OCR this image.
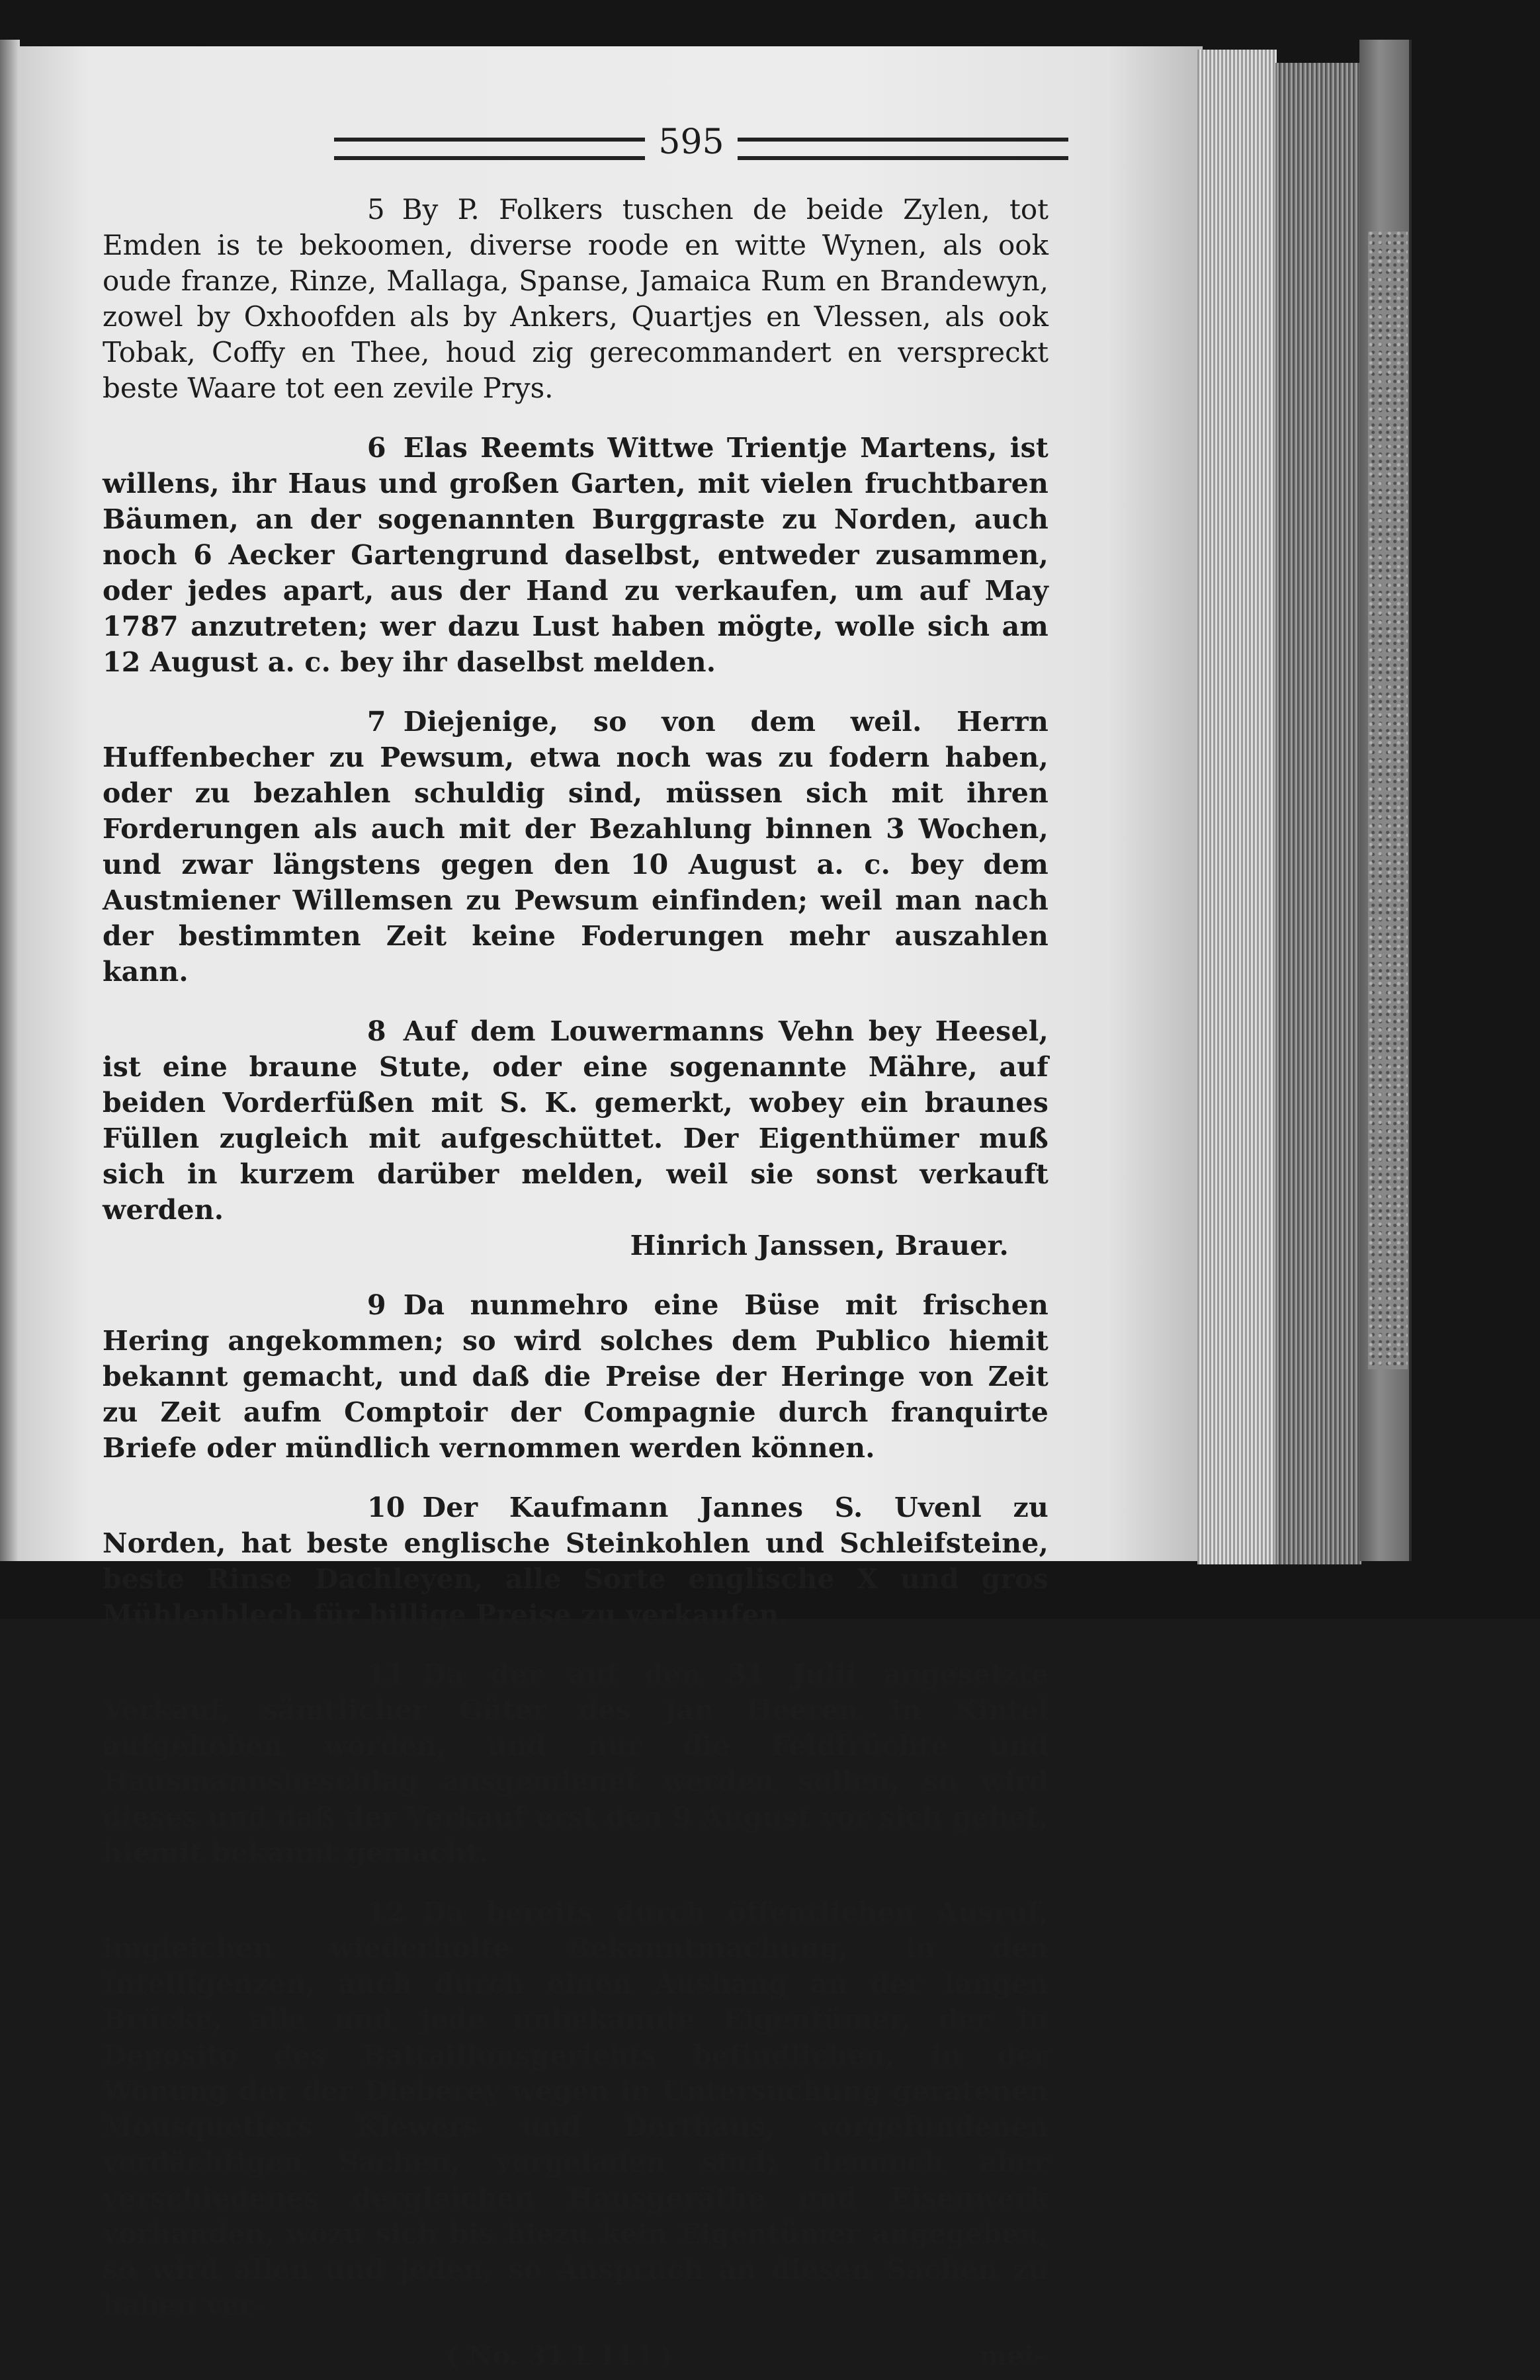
595

5 By P. Folkers tuschen de beide Zylen, tot Emden is te bekoomen, diverse roode en witte Wynen, als ook oude franze, Rinze, Mallaga, Spanse, Jamaica Rum en Brandewyn, zowel by Oxhoofden als by Ankers, Quartjes en Vlessen, als ook Tobak, Coffy en Thee, houd zig gerecommandert en verspreckt beste Waare tot een zevile Prys.

6 Elas Reemts Wittwe Trientje Martens, ist willens, ihr Haus und großen Garten, mit vielen fruchtbaren Bäumen, an der sogenannten Burggraste zu Norden, auch noch 6 Aecker Gartengrund daselbst, entweder zusammen, oder jedes apart, aus der Hand zu verkaufen, um auf May 1787 anzutreten; wer dazu Lust haben mögte, wolle sich am 12 August a. c. bey ihr daselbst melden.

7 Diejenige, so von dem weil. Herrn Huffenbecher zu Pewsum, etwa noch was zu fodern haben, oder zu bezahlen schuldig sind, müssen sich mit ihren Forderungen als auch mit der Bezahlung binnen 3 Wochen, und zwar längstens gegen den 10 August a. c. bey dem Austmiener Willemsen zu Pewsum einfinden; weil man nach der bestimmten Zeit keine Foderungen mehr auszahlen kann.

8 Auf dem Louwermanns Vehn bey Heesel, ist eine braune Stute, oder eine sogenannte Mähre, auf beiden Vorderfüßen mit S. K. gemerkt, wobey ein braunes Füllen zugleich mit aufgeschüttet. Der Eigenthümer muß sich in kurzem darüber melden, weil sie sonst verkauft werden.
Hinrich Janssen, Brauer.

9 Da nunmehro eine Büse mit frischen Hering angekommen; so wird solches dem Publico hiemit bekannt gemacht, und daß die Preise der Heringe von Zeit zu Zeit aufm Comptoir der Compagnie durch franquirte Briefe oder mündlich vernommen werden können.

10 Der Kaufmann Jannes S. Uvenl zu Norden, hat beste englische Steinkohlen und Schleifsteine, beste Rinse Dachleyen, alle Sorte englische X und gros Mühlenblech für billige Preise zu verkaufen.

11 Da der auf den 31 Julii angesetzte Verkauf, sämtlicher Güter des Jan Heeren in Kintel aufgehoben worden, und nur die Feldfrüchte und Hausmannsbeschlag ausgemienet werden sollen, so wird dieses und daß der Verkauf erst den 9 August vor sich gehet, hiemit bekannt gemacht.

12 Da bereits durch öffentlichen Ausruf, imgleichen wiederholte Bekanntmachung, in den Intelligenzen, auch durch einen Aushang an der langen Brücke, alle und jede unbekannte Eigentümer, der in Deposito des Battaillonsgerichts befindlichen, in der Wonung der der Dieberey wegen in Untersuchung geratenen Mousquetiers Klewers und Dorthaus, vorgefundenen verdächtigen Sachen, vorgeladen sind; dennoch aber verschiedenes dergleichen Hausgeräthe und Eisenwerk vorhanden, wozu sich bis hiezu kein Eigentümer angegeben, so wird allen und jeden, so Anspruch an diesen Sachen zu haben ver-

( No. 31 L l l l )	mei-
